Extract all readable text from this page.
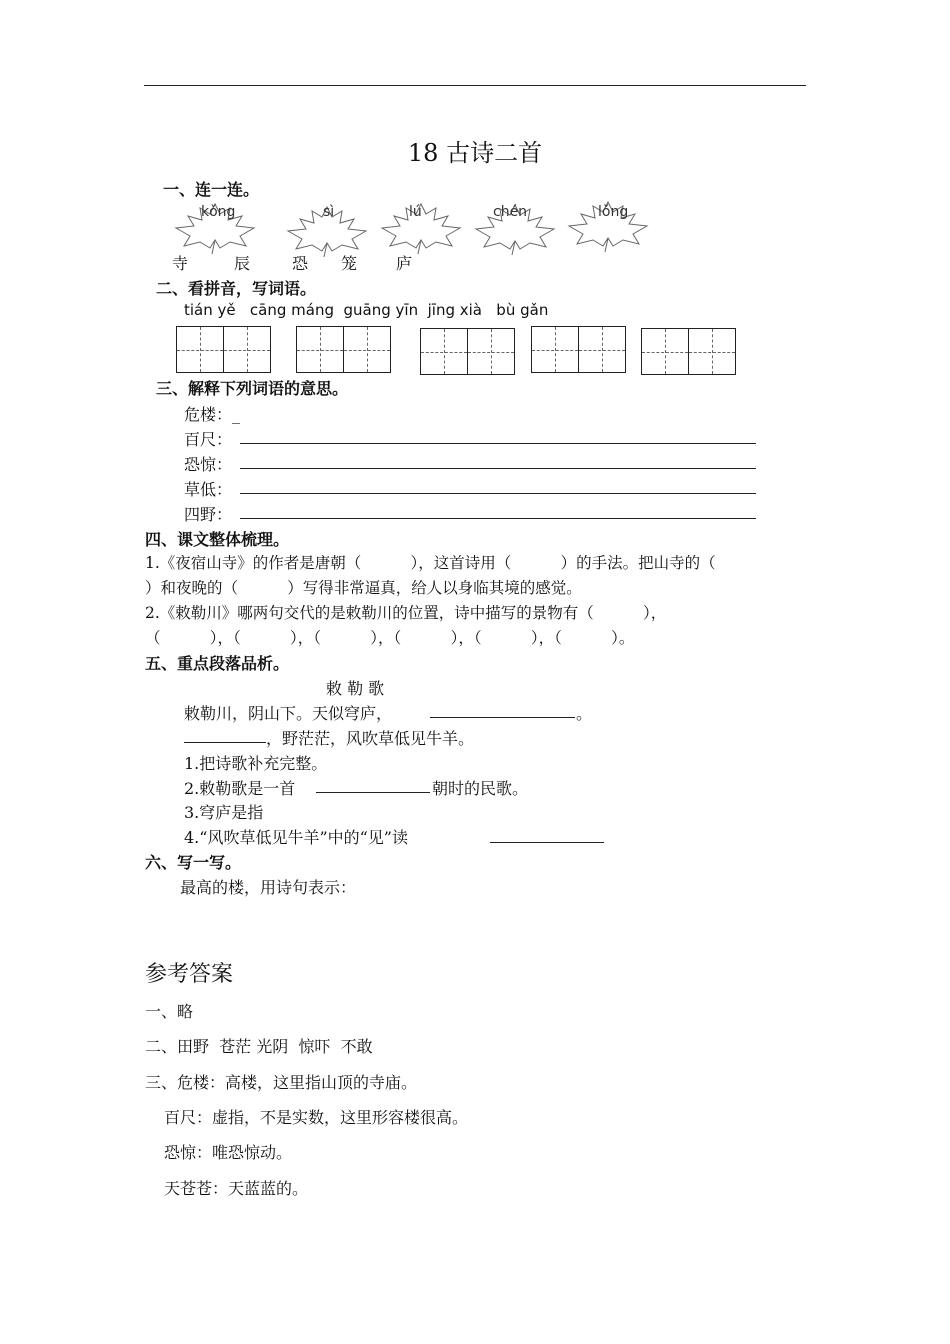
18 古诗二首
一、连一连。
kǒng	sì	lú	chén	lǒng
寺	辰	恐 笼 庐
二、看拼音，写词语。
tián yě   cāng máng  guāng yīn  jīng xià   bù gǎn
三、解释下列词语的意思。
危楼：_
百尺：
恐惊：
草低：
四野：
四、课文整体梳理。
1.《夜宿山寺》的作者是唐朝（          ），这首诗用（          ）的手法。把山寺的（
）和夜晚的（          ）写得非常逼真，给人以身临其境的感觉。
2.《敕勒川》哪两句交代的是敕勒川的位置，诗中描写的景物有（          ），
（          ），（          ），（          ），（          ），（          ），（          ）。
五、重点段落品析。
敕 勒 歌
敕勒川，阴山下。天似穹庐，	。
，野茫茫，风吹草低见牛羊。
1.把诗歌补充完整。
2.敕勒歌是一首	朝时的民歌。
3.穹庐是指
4.“风吹草低见牛羊”中的“见”读
六、写一写。
最高的楼，用诗句表示：
参考答案
一、略
二、田野  苍茫 光阴  惊吓  不敢
三、危楼：高楼，这里指山顶的寺庙。
百尺：虚指，不是实数，这里形容楼很高。
恐惊：唯恐惊动。
天苍苍：天蓝蓝的。
